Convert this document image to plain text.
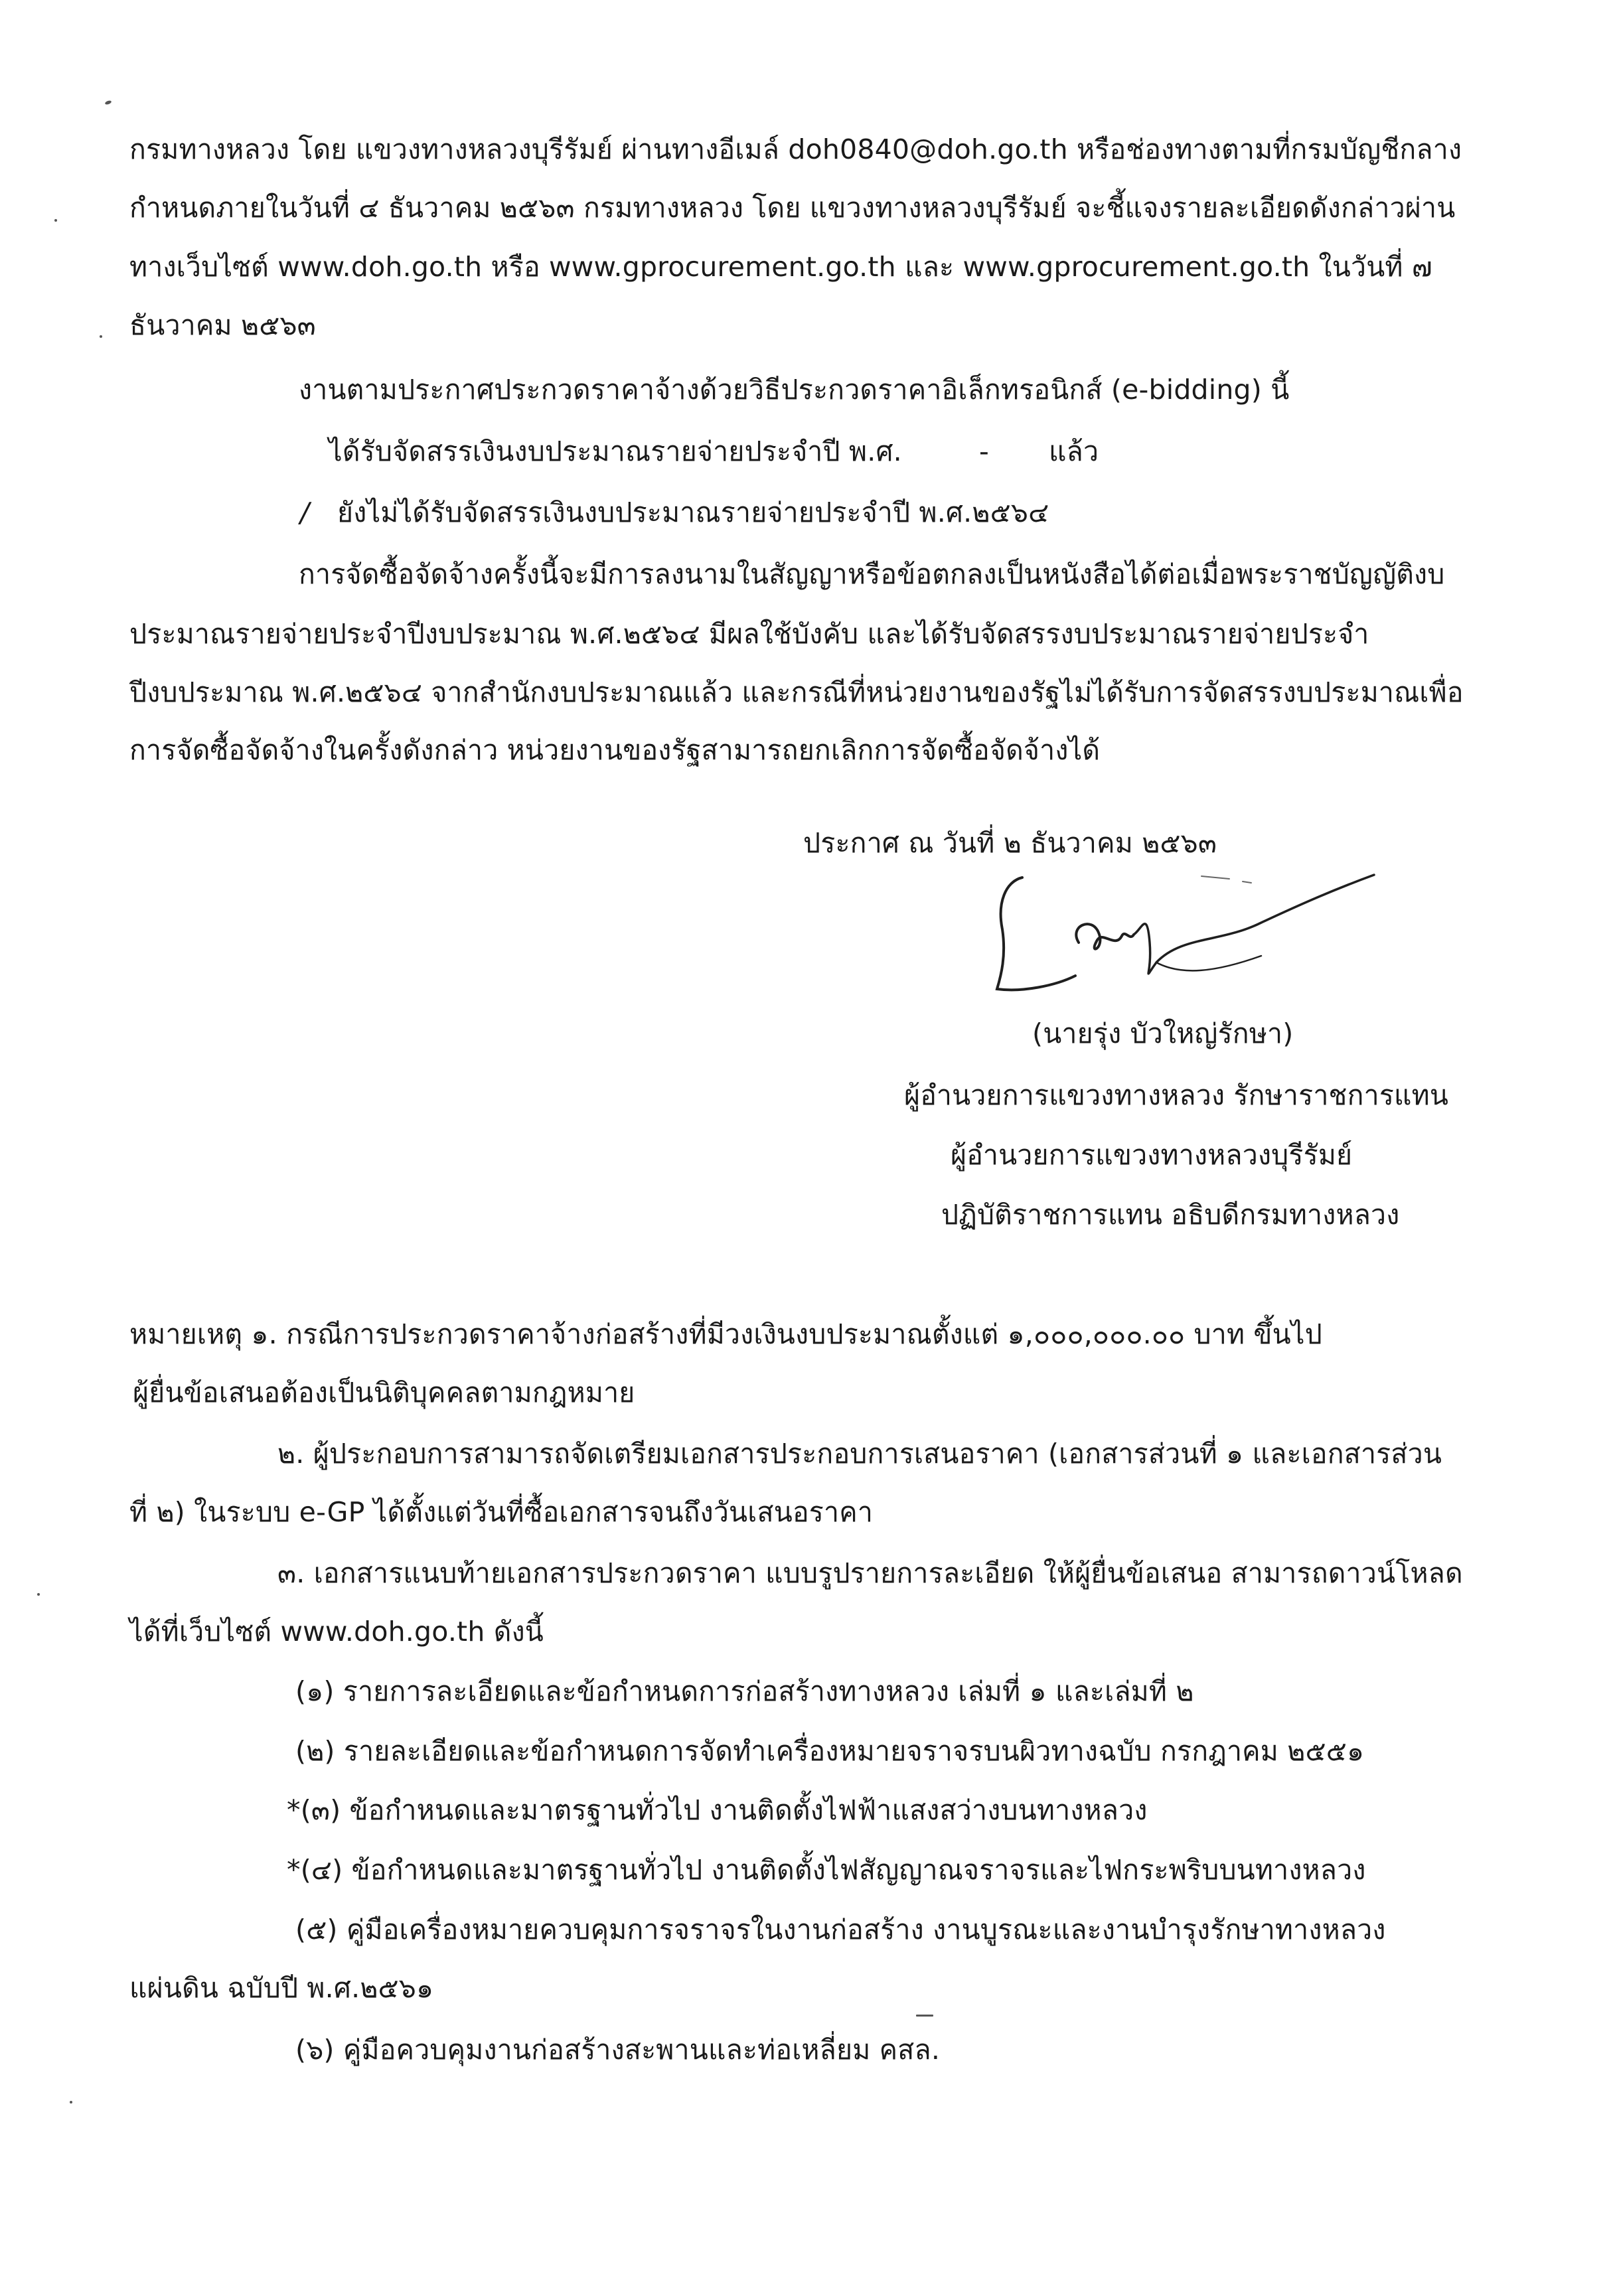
กรมทางหลวง โดย แขวงทางหลวงบุรีรัมย์ ผ่านทางอีเมล์ doh0840@doh.go.th หรือช่องทางตามที่กรมบัญชีกลาง
กำหนดภายในวันที่ ๔ ธันวาคม ๒๕๖๓ กรมทางหลวง โดย แขวงทางหลวงบุรีรัมย์ จะชี้แจงรายละเอียดดังกล่าวผ่าน
ทางเว็บไซต์ www.doh.go.th หรือ www.gprocurement.go.th และ www.gprocurement.go.th ในวันที่ ๗
ธันวาคม ๒๕๖๓
งานตามประกาศประกวดราคาจ้างด้วยวิธีประกวดราคาอิเล็กทรอนิกส์ (e-bidding) นี้
ได้รับจัดสรรเงินงบประมาณรายจ่ายประจำปี พ.ศ.	- แล้ว
/ ยังไม่ได้รับจัดสรรเงินงบประมาณรายจ่ายประจำปี พ.ศ.๒๕๖๔
การจัดซื้อจัดจ้างครั้งนี้จะมีการลงนามในสัญญาหรือข้อตกลงเป็นหนังสือได้ต่อเมื่อพระราชบัญญัติงบ
ประมาณรายจ่ายประจำปีงบประมาณ พ.ศ.๒๕๖๔ มีผลใช้บังคับ และได้รับจัดสรรงบประมาณรายจ่ายประจำ
ปีงบประมาณ พ.ศ.๒๕๖๔ จากสำนักงบประมาณแล้ว และกรณีที่หน่วยงานของรัฐไม่ได้รับการจัดสรรงบประมาณเพื่อ
การจัดซื้อจัดจ้างในครั้งดังกล่าว หน่วยงานของรัฐสามารถยกเลิกการจัดซื้อจัดจ้างได้
ประกาศ ณ วันที่ ๒ ธันวาคม ๒๕๖๓
(นายรุ่ง บัวใหญ่รักษา)
ผู้อำนวยการแขวงทางหลวง รักษาราชการแทน
ผู้อำนวยการแขวงทางหลวงบุรีรัมย์
ปฏิบัติราชการแทน อธิบดีกรมทางหลวง
หมายเหตุ ๑. กรณีการประกวดราคาจ้างก่อสร้างที่มีวงเงินงบประมาณตั้งแต่ ๑,๐๐๐,๐๐๐.๐๐ บาท ขึ้นไป
ผู้ยื่นข้อเสนอต้องเป็นนิติบุคคลตามกฎหมาย
๒. ผู้ประกอบการสามารถจัดเตรียมเอกสารประกอบการเสนอราคา (เอกสารส่วนที่ ๑ และเอกสารส่วน
ที่ ๒) ในระบบ e-GP ได้ตั้งแต่วันที่ซื้อเอกสารจนถึงวันเสนอราคา
๓. เอกสารแนบท้ายเอกสารประกวดราคา แบบรูปรายการละเอียด ให้ผู้ยื่นข้อเสนอ สามารถดาวน์โหลด
ได้ที่เว็บไซต์ www.doh.go.th ดังนี้
(๑) รายการละเอียดและข้อกำหนดการก่อสร้างทางหลวง เล่มที่ ๑ และเล่มที่ ๒
(๒) รายละเอียดและข้อกำหนดการจัดทำเครื่องหมายจราจรบนผิวทางฉบับ กรกฎาคม ๒๕๕๑
*(๓) ข้อกำหนดและมาตรฐานทั่วไป งานติดตั้งไฟฟ้าแสงสว่างบนทางหลวง
*(๔) ข้อกำหนดและมาตรฐานทั่วไป งานติดตั้งไฟสัญญาณจราจรและไฟกระพริบบนทางหลวง
(๕) คู่มือเครื่องหมายควบคุมการจราจรในงานก่อสร้าง งานบูรณะและงานบำรุงรักษาทางหลวง
แผ่นดิน ฉบับปี พ.ศ.๒๕๖๑
(๖) คู่มือควบคุมงานก่อสร้างสะพานและท่อเหลี่ยม คสล.
